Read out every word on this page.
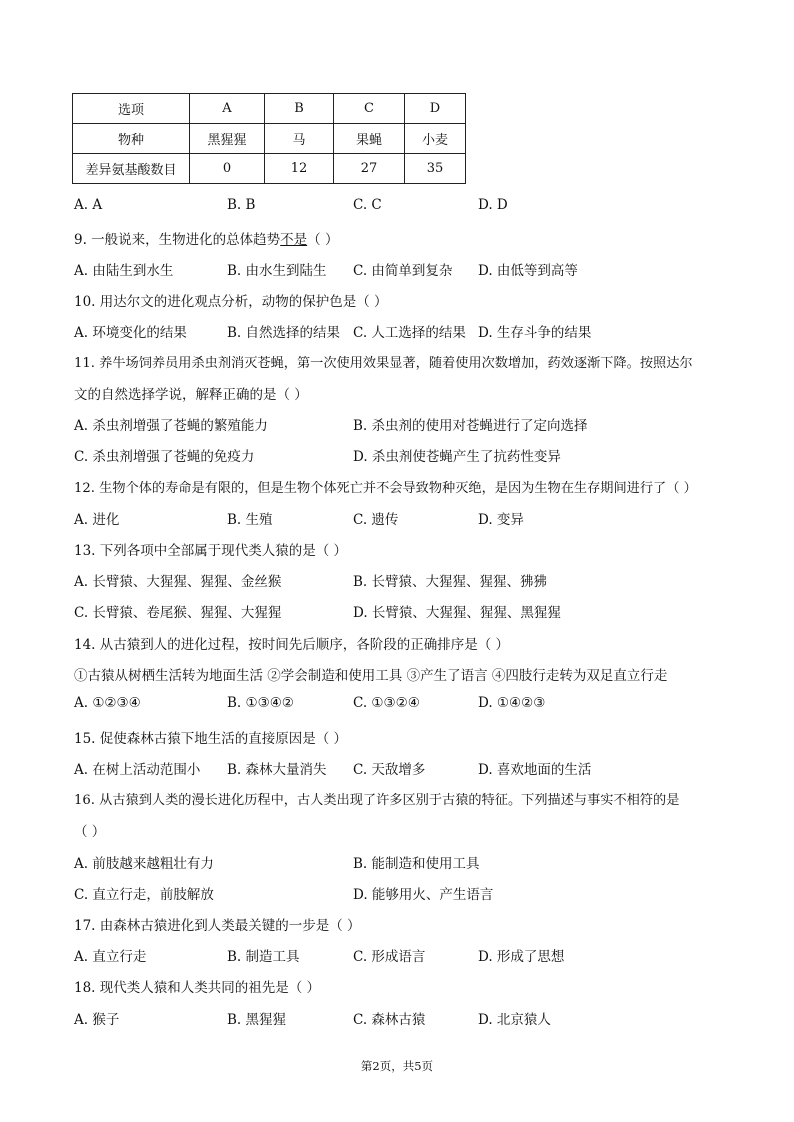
选项	A	B	C	D
物种	黑猩猩	马	果蝇	小麦
差异氨基酸数目	0	12	27	35
A. A	B. B	C. C	D. D
9. 一般说来，生物进化的总体趋势不是（ ）
A. 由陆生到水生	B. 由水生到陆生 C. 由简单到复杂 D. 由低等到高等
10. 用达尔文的进化观点分析，动物的保护色是（ ）
A. 环境变化的结果	B. 自然选择的结果 C. 人工选择的结果 D. 生存斗争的结果
11. 养牛场饲养员用杀虫剂消灭苍蝇，第一次使用效果显著，随着使用次数增加，药效逐渐下降。按照达尔
文的自然选择学说，解释正确的是（ ）
A. 杀虫剂增强了苍蝇的繁殖能力	B. 杀虫剂的使用对苍蝇进行了定向选择
C. 杀虫剂增强了苍蝇的免疫力	D. 杀虫剂使苍蝇产生了抗药性变异
12. 生物个体的寿命是有限的，但是生物个体死亡并不会导致物种灭绝，是因为生物在生存期间进行了（ ）
A. 进化	B. 生殖	C. 遗传	D. 变异
13. 下列各项中全部属于现代类人猿的是（ ）
A. 长臂猿、大猩猩、猩猩、金丝猴	B. 长臂猿、大猩猩、猩猩、狒狒
C. 长臂猿、卷尾猴、猩猩、大猩猩	D. 长臂猿、大猩猩、猩猩、黑猩猩
14. 从古猿到人的进化过程，按时间先后顺序，各阶段的正确排序是（ ）
①古猿从树栖生活转为地面生活 ②学会制造和使用工具 ③产生了语言 ④四肢行走转为双足直立行走
A. ①②③④	B. ①③④②	C. ①③②④	D. ①④②③
15. 促使森林古猿下地生活的直接原因是（ ）
A. 在树上活动范围小 B. 森林大量消失 C. 天敌增多	D. 喜欢地面的生活
16. 从古猿到人类的漫长进化历程中，古人类出现了许多区别于古猿的特征。下列描述与事实不相符的是
（ ）
A. 前肢越来越粗壮有力	B. 能制造和使用工具
C. 直立行走，前肢解放	D. 能够用火、产生语言
17. 由森林古猿进化到人类最关键的一步是（ ）
A. 直立行走	B. 制造工具	C. 形成语言	D. 形成了思想
18. 现代类人猿和人类共同的祖先是（ ）
A. 猴子	B. 黑猩猩	C. 森林古猿	D. 北京猿人
第2页，共5页
